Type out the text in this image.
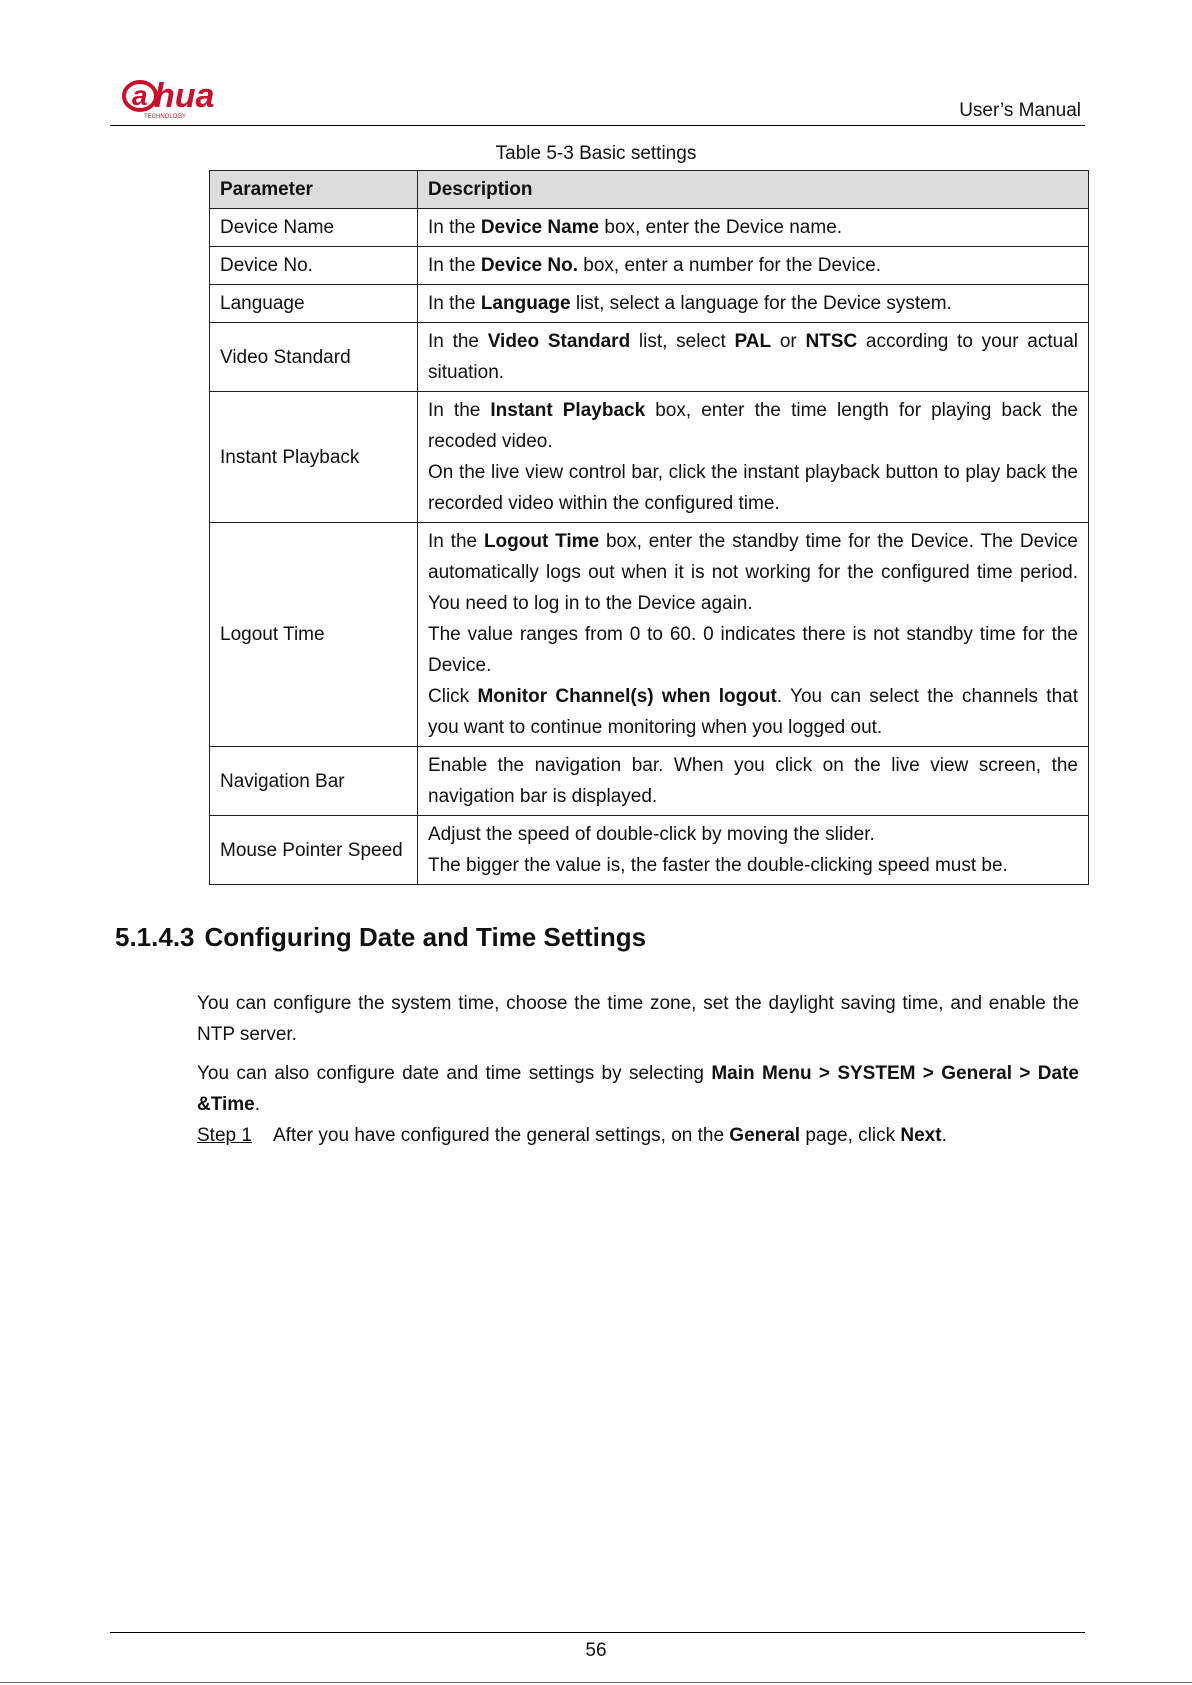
a hua
TECHNOLOGY	User’s Manual
Table 5-3 Basic settings
Parameter	Description
Device Name	In the Device Name box, enter the Device name.
Device No.	In the Device No. box, enter a number for the Device.
Language	In the Language list, select a language for the Device system.
Video Standard	In the Video Standard list, select PAL or NTSC according to your actual situation.
Instant Playback	In the Instant Playback box, enter the time length for playing back the recoded video.
On the live view control bar, click the instant playback button to play back the recorded video within the configured time.
Logout Time	In the Logout Time box, enter the standby time for the Device. The Device automatically logs out when it is not working for the configured time period. You need to log in to the Device again.
The value ranges from 0 to 60. 0 indicates there is not standby time for the Device.
Click Monitor Channel(s) when logout. You can select the channels that you want to continue monitoring when you logged out.
Navigation Bar	Enable the navigation bar. When you click on the live view screen, the navigation bar is displayed.
Mouse Pointer Speed	Adjust the speed of double-click by moving the slider.
The bigger the value is, the faster the double-clicking speed must be.
5.1.4.3 Configuring Date and Time Settings
You can configure the system time, choose the time zone, set the daylight saving time, and enable the NTP server.
You can also configure date and time settings by selecting Main Menu > SYSTEM > General > Date &Time.
Step 1 After you have configured the general settings, on the General page, click Next.
56
